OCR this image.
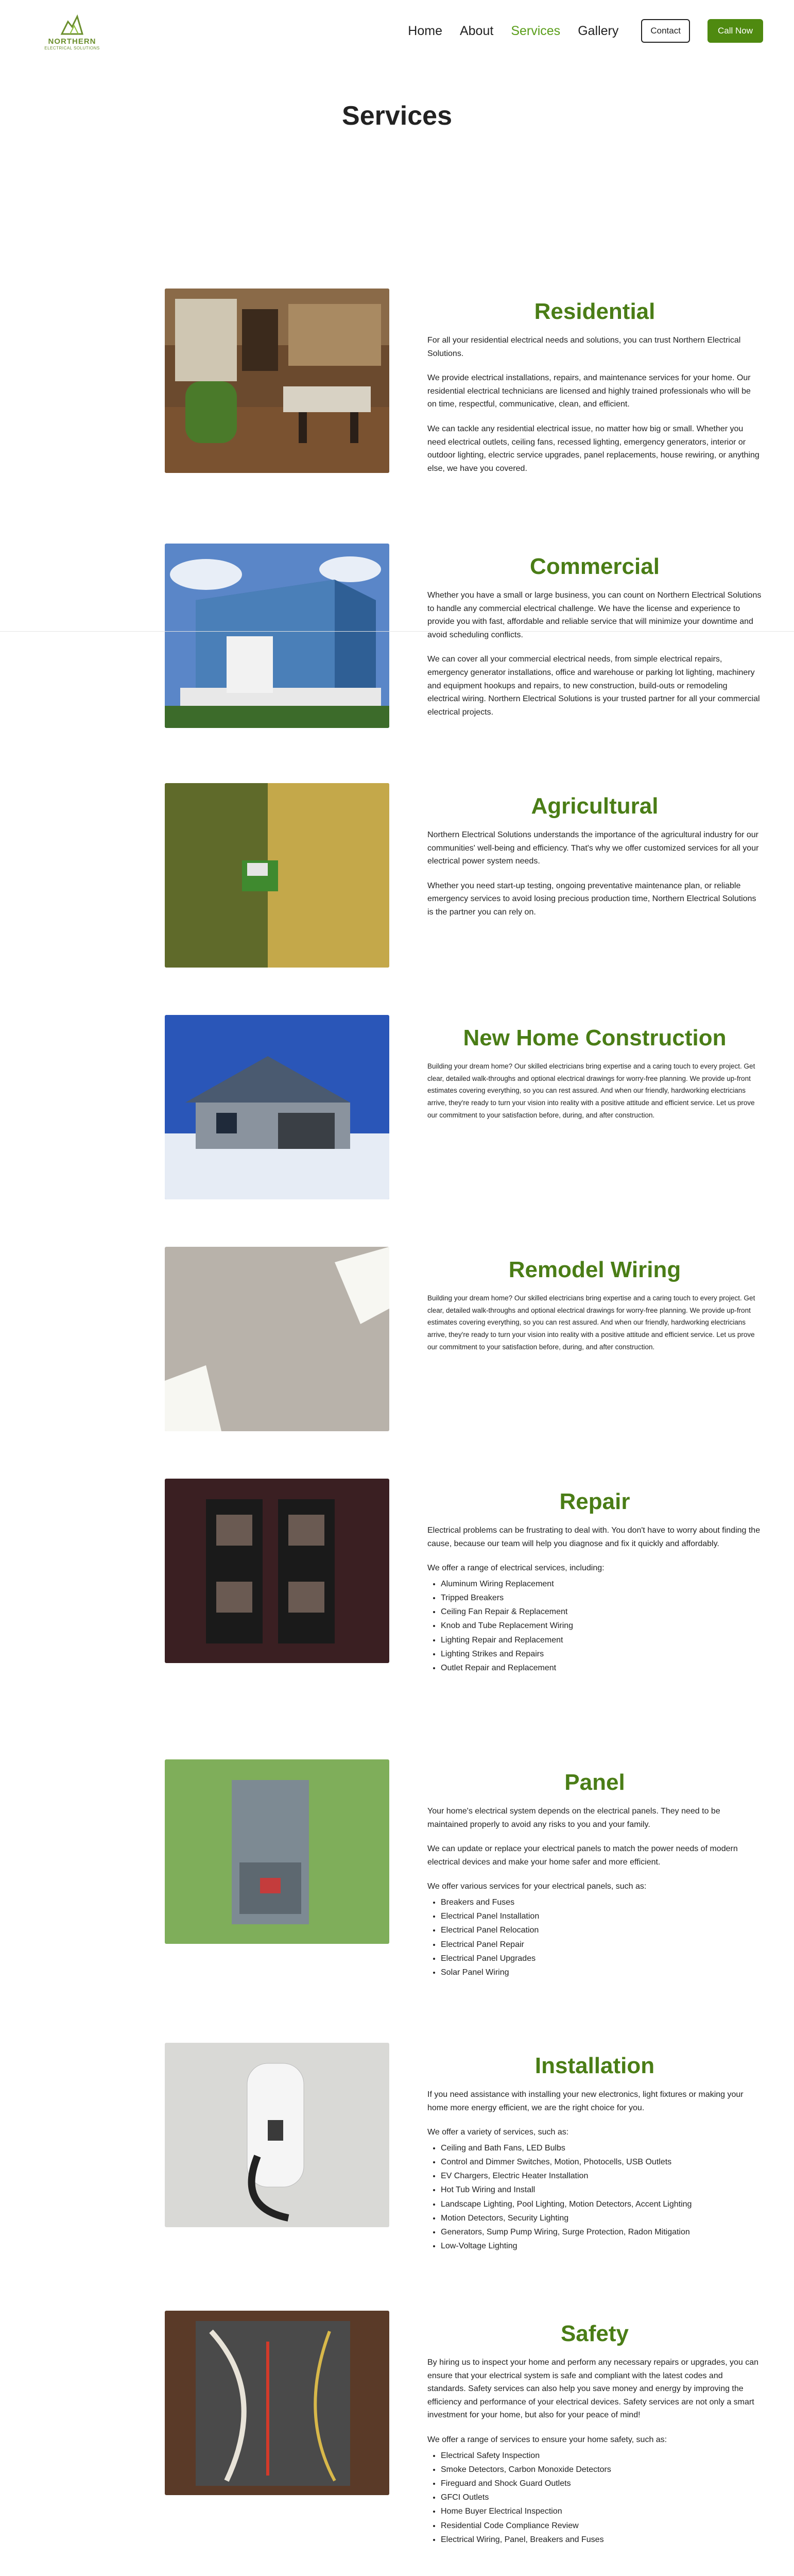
NORTHERN
ELECTRICAL SOLUTIONS
Home About Services Gallery	Contact	Call Now
Services
Residential

For all your residential electrical needs and solutions, you can trust Northern Electrical Solutions.

We provide electrical installations, repairs, and maintenance services for your home. Our residential electrical technicians are licensed and highly trained professionals who will be on time, respectful, communicative, clean, and efficient.

We can tackle any residential electrical issue, no matter how big or small. Whether you need electrical outlets, ceiling fans, recessed lighting, emergency generators, interior or outdoor lighting, electric service upgrades, panel replacements, house rewiring, or anything else, we have you covered.

Commercial

Whether you have a small or large business, you can count on Northern Electrical Solutions to handle any commercial electrical challenge. We have the license and experience to provide you with fast, affordable and reliable service that will minimize your downtime and avoid scheduling conflicts.

We can cover all your commercial electrical needs, from simple electrical repairs, emergency generator installations, office and warehouse or parking lot lighting, machinery and equipment hookups and repairs, to new construction, build-outs or remodeling electrical wiring. Northern Electrical Solutions is your trusted partner for all your commercial electrical projects.

Agricultural

Northern Electrical Solutions understands the importance of the agricultural industry for our communities' well-being and efficiency. That's why we offer customized services for all your electrical power system needs.

Whether you need start-up testing, ongoing preventative maintenance plan, or reliable emergency services to avoid losing precious production time, Northern Electrical Solutions is the partner you can rely on.

New Home Construction

Building your dream home? Our skilled electricians bring expertise and a caring touch to every project. Get clear, detailed walk-throughs and optional electrical drawings for worry-free planning. We provide up-front estimates covering everything, so you can rest assured. And when our friendly, hardworking electricians arrive, they're ready to turn your vision into reality with a positive attitude and efficient service. Let us prove our commitment to your satisfaction before, during, and after construction.

Remodel Wiring

Building your dream home? Our skilled electricians bring expertise and a caring touch to every project. Get clear, detailed walk-throughs and optional electrical drawings for worry-free planning. We provide up-front estimates covering everything, so you can rest assured. And when our friendly, hardworking electricians arrive, they're ready to turn your vision into reality with a positive attitude and efficient service. Let us prove our commitment to your satisfaction before, during, and after construction.

Repair

Electrical problems can be frustrating to deal with. You don't have to worry about finding the cause, because our team will help you diagnose and fix it quickly and affordably.

We offer a range of electrical services, including:

• Aluminum Wiring Replacement
• Tripped Breakers
• Ceiling Fan Repair & Replacement
• Knob and Tube Replacement Wiring
• Lighting Repair and Replacement
• Lighting Strikes and Repairs
• Outlet Repair and Replacement
Panel

Your home's electrical system depends on the electrical panels. They need to be maintained properly to avoid any risks to you and your family.

We can update or replace your electrical panels to match the power needs of modern electrical devices and make your home safer and more efficient.

We offer various services for your electrical panels, such as:

• Breakers and Fuses
• Electrical Panel Installation
• Electrical Panel Relocation
• Electrical Panel Repair
• Electrical Panel Upgrades
• Solar Panel Wiring
Installation

If you need assistance with installing your new electronics, light fixtures or making your home more energy efficient, we are the right choice for you.

We offer a variety of services, such as:

• Ceiling and Bath Fans, LED Bulbs
• Control and Dimmer Switches, Motion, Photocells, USB Outlets
• EV Chargers, Electric Heater Installation
• Hot Tub Wiring and Install
• Landscape Lighting, Pool Lighting, Motion Detectors, Accent Lighting
• Motion Detectors, Security Lighting
• Generators, Sump Pump Wiring, Surge Protection, Radon Mitigation
• Low-Voltage Lighting
Safety

By hiring us to inspect your home and perform any necessary repairs or upgrades, you can ensure that your electrical system is safe and compliant with the latest codes and standards. Safety services can also help you save money and energy by improving the efficiency and performance of your electrical devices. Safety services are not only a smart investment for your home, but also for your peace of mind!

We offer a range of services to ensure your home safety, such as:

• Electrical Safety Inspection
• Smoke Detectors, Carbon Monoxide Detectors
• Fireguard and Shock Guard Outlets
• GFCI Outlets
• Home Buyer Electrical Inspection
• Residential Code Compliance Review
• Electrical Wiring, Panel, Breakers and Fuses
